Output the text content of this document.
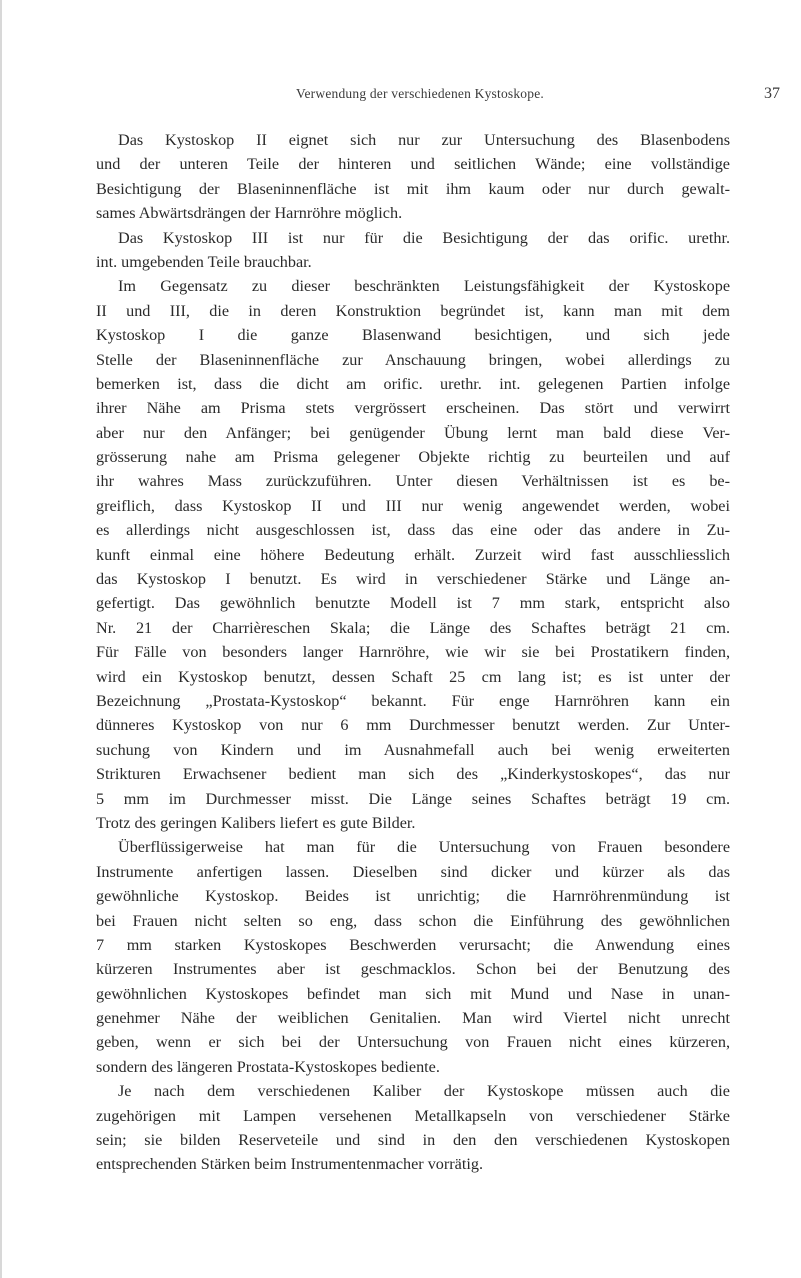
Verwendung der verschiedenen Kystoskope.	37
Das Kystoskop II eignet sich nur zur Untersuchung des Blasenbodens
und der unteren Teile der hinteren und seitlichen Wände; eine vollständige
Besichtigung der Blaseninnenfläche ist mit ihm kaum oder nur durch gewalt-
sames Abwärtsdrängen der Harnröhre möglich.
Das Kystoskop III ist nur für die Besichtigung der das orific. urethr.
int. umgebenden Teile brauchbar.
Im Gegensatz zu dieser beschränkten Leistungsfähigkeit der Kystoskope
II und III, die in deren Konstruktion begründet ist, kann man mit dem
Kystoskop I die ganze Blasenwand besichtigen, und sich jede
Stelle der Blaseninnenfläche zur Anschauung bringen, wobei allerdings zu
bemerken ist, dass die dicht am orific. urethr. int. gelegenen Partien infolge
ihrer Nähe am Prisma stets vergrössert erscheinen. Das stört und verwirrt
aber nur den Anfänger; bei genügender Übung lernt man bald diese Ver-
grösserung nahe am Prisma gelegener Objekte richtig zu beurteilen und auf
ihr wahres Mass zurückzuführen. Unter diesen Verhältnissen ist es be-
greiflich, dass Kystoskop II und III nur wenig angewendet werden, wobei
es allerdings nicht ausgeschlossen ist, dass das eine oder das andere in Zu-
kunft einmal eine höhere Bedeutung erhält. Zurzeit wird fast ausschliesslich
das Kystoskop I benutzt. Es wird in verschiedener Stärke und Länge an-
gefertigt. Das gewöhnlich benutzte Modell ist 7 mm stark, entspricht also
Nr. 21 der Charrièreschen Skala; die Länge des Schaftes beträgt 21 cm.
Für Fälle von besonders langer Harnröhre, wie wir sie bei Prostatikern finden,
wird ein Kystoskop benutzt, dessen Schaft 25 cm lang ist; es ist unter der
Bezeichnung „Prostata-Kystoskop“ bekannt. Für enge Harnröhren kann ein
dünneres Kystoskop von nur 6 mm Durchmesser benutzt werden. Zur Unter-
suchung von Kindern und im Ausnahmefall auch bei wenig erweiterten
Strikturen Erwachsener bedient man sich des „Kinderkystoskopes“, das nur
5 mm im Durchmesser misst. Die Länge seines Schaftes beträgt 19 cm.
Trotz des geringen Kalibers liefert es gute Bilder.
Überflüssigerweise hat man für die Untersuchung von Frauen besondere
Instrumente anfertigen lassen. Dieselben sind dicker und kürzer als das
gewöhnliche Kystoskop. Beides ist unrichtig; die Harnröhrenmündung ist
bei Frauen nicht selten so eng, dass schon die Einführung des gewöhnlichen
7 mm starken Kystoskopes Beschwerden verursacht; die Anwendung eines
kürzeren Instrumentes aber ist geschmacklos. Schon bei der Benutzung des
gewöhnlichen Kystoskopes befindet man sich mit Mund und Nase in unan-
genehmer Nähe der weiblichen Genitalien. Man wird Viertel nicht unrecht
geben, wenn er sich bei der Untersuchung von Frauen nicht eines kürzeren,
sondern des längeren Prostata-Kystoskopes bediente.
Je nach dem verschiedenen Kaliber der Kystoskope müssen auch die
zugehörigen mit Lampen versehenen Metallkapseln von verschiedener Stärke
sein; sie bilden Reserveteile und sind in den den verschiedenen Kystoskopen
entsprechenden Stärken beim Instrumentenmacher vorrätig.
